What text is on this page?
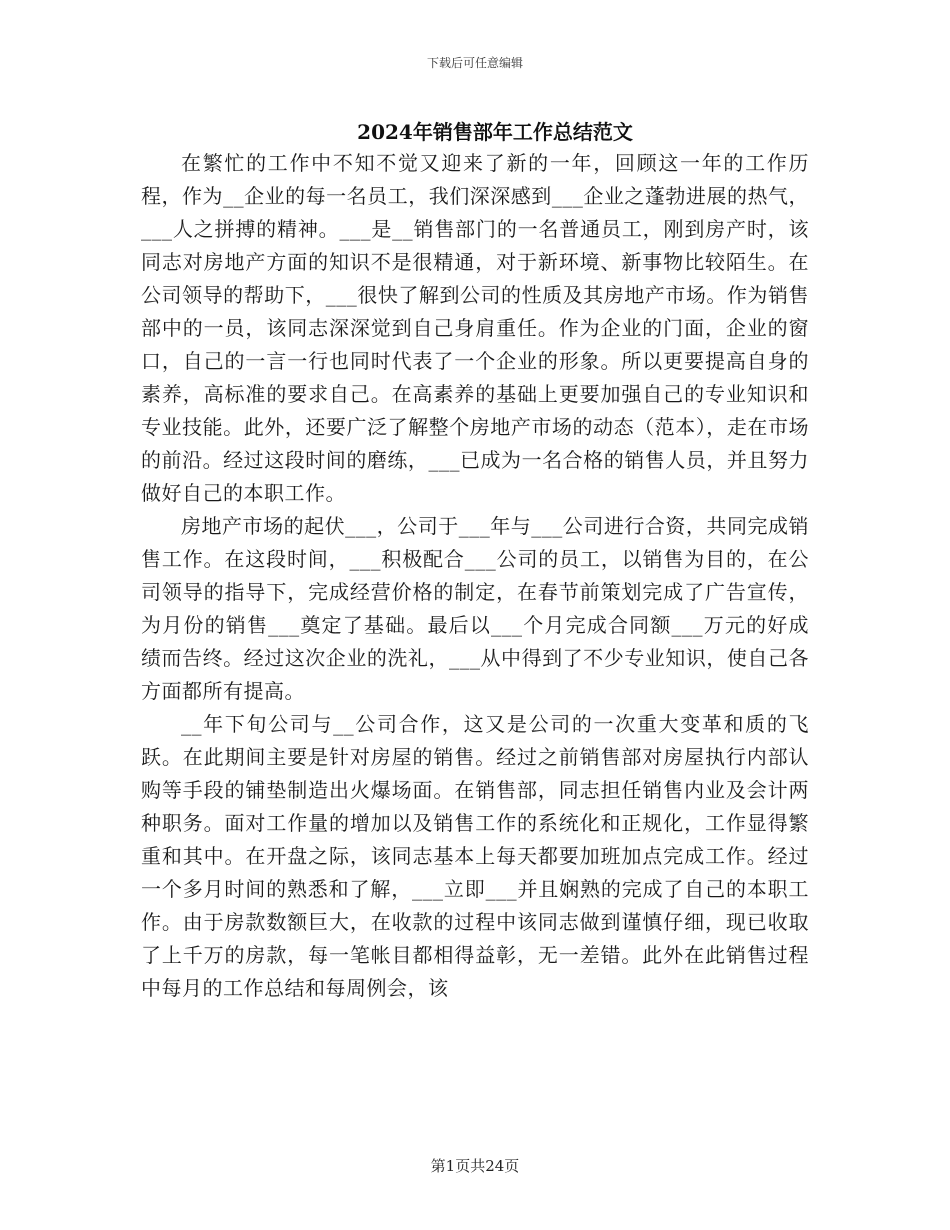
下载后可任意编辑
2024年销售部年工作总结范文

在繁忙的工作中不知不觉又迎来了新的一年，回顾这一年的工作历程，作为__企业的每一名员工，我们深深感到___企业之蓬勃进展的热气，___人之拼搏的精神。___是__销售部门的一名普通员工，刚到房产时，该同志对房地产方面的知识不是很精通，对于新环境、新事物比较陌生。在公司领导的帮助下，___很快了解到公司的性质及其房地产市场。作为销售部中的一员，该同志深深觉到自己身肩重任。作为企业的门面，企业的窗口，自己的一言一行也同时代表了一个企业的形象。所以更要提高自身的素养，高标准的要求自己。在高素养的基础上更要加强自己的专业知识和专业技能。此外，还要广泛了解整个房地产市场的动态（范本），走在市场的前沿。经过这段时间的磨练，___已成为一名合格的销售人员，并且努力做好自己的本职工作。

房地产市场的起伏___，公司于___年与___公司进行合资，共同完成销售工作。在这段时间，___积极配合___公司的员工，以销售为目的，在公司领导的指导下，完成经营价格的制定，在春节前策划完成了广告宣传，为月份的销售___奠定了基础。最后以___个月完成合同额___万元的好成绩而告终。经过这次企业的洗礼，___从中得到了不少专业知识，使自己各方面都所有提高。

__年下旬公司与__公司合作，这又是公司的一次重大变革和质的飞跃。在此期间主要是针对房屋的销售。经过之前销售部对房屋执行内部认购等手段的铺垫制造出火爆场面。在销售部，同志担任销售内业及会计两种职务。面对工作量的增加以及销售工作的系统化和正规化，工作显得繁重和其中。在开盘之际，该同志基本上每天都要加班加点完成工作。经过一个多月时间的熟悉和了解，___立即___并且娴熟的完成了自己的本职工作。由于房款数额巨大，在收款的过程中该同志做到谨慎仔细，现已收取了上千万的房款，每一笔帐目都相得益彰，无一差错。此外在此销售过程中每月的工作总结和每周例会，该

第1页共24页
